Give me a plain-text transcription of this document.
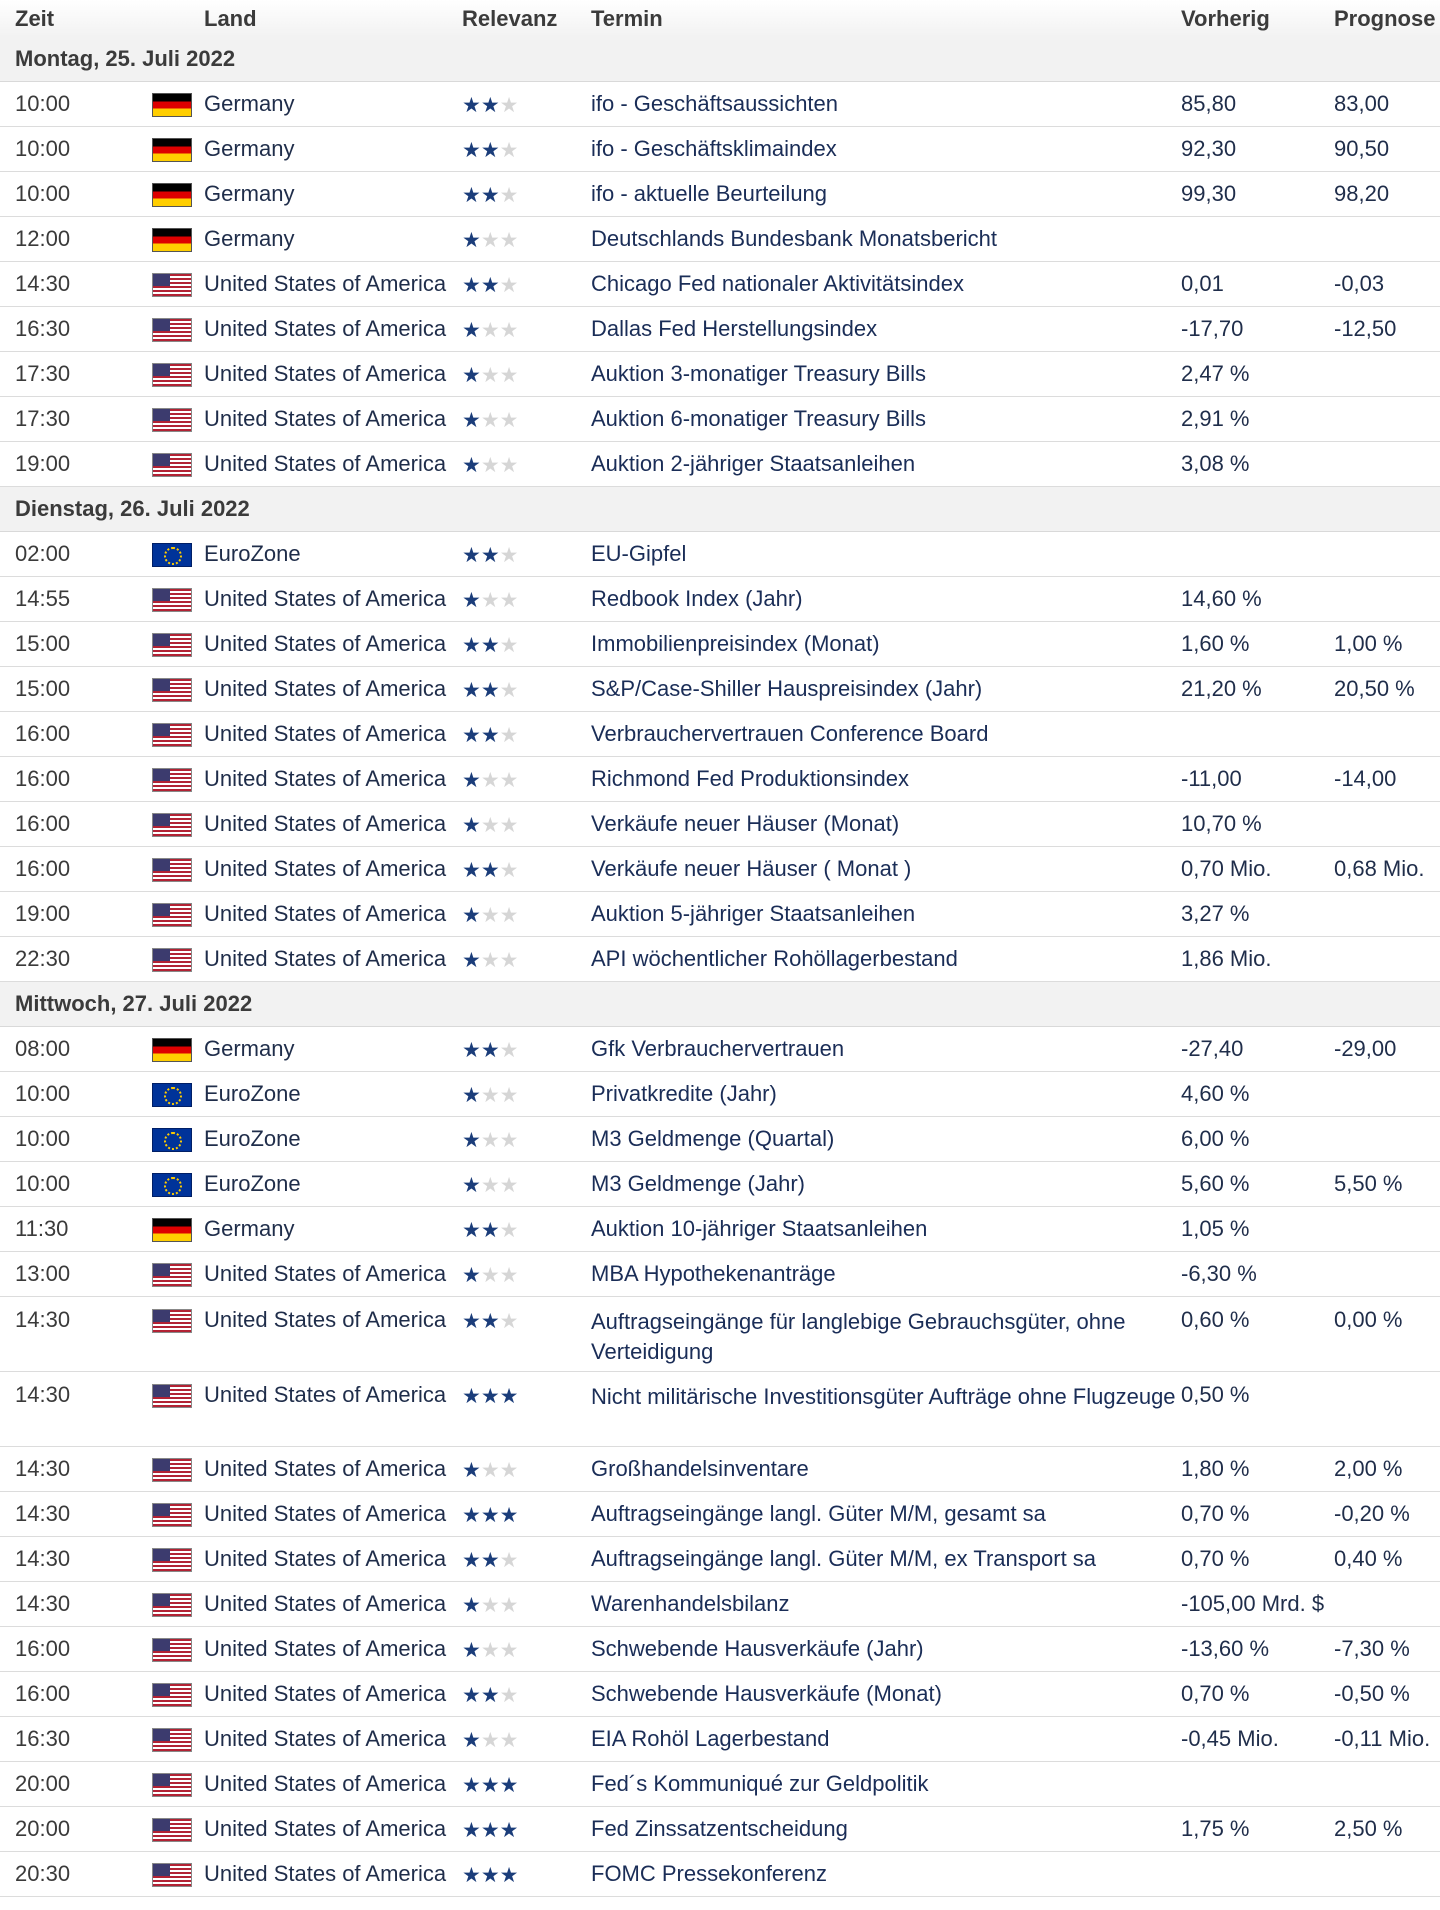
Zeit		Land	Relevanz	Termin	Vorherig	Prognose
Montag, 25. Juli 2022						
10:00		Germany	★★★	ifo - Geschäftsaussichten	85,80	83,00
10:00		Germany	★★★	ifo - Geschäftsklimaindex	92,30	90,50
10:00		Germany	★★★	ifo - aktuelle Beurteilung	99,30	98,20
12:00		Germany	★★★	Deutschlands Bundesbank Monatsbericht		
14:30		United States of America	★★★	Chicago Fed nationaler Aktivitätsindex	0,01	-0,03
16:30		United States of America	★★★	Dallas Fed Herstellungsindex	-17,70	-12,50
17:30		United States of America	★★★	Auktion 3-monatiger Treasury Bills	2,47 %	
17:30		United States of America	★★★	Auktion 6-monatiger Treasury Bills	2,91 %	
19:00		United States of America	★★★	Auktion 2-jähriger Staatsanleihen	3,08 %	
Dienstag, 26. Juli 2022						
02:00		EuroZone	★★★	EU-Gipfel		
14:55		United States of America	★★★	Redbook Index (Jahr)	14,60 %	
15:00		United States of America	★★★	Immobilienpreisindex (Monat)	1,60 %	1,00 %
15:00		United States of America	★★★	S&P/Case-Shiller Hauspreisindex (Jahr)	21,20 %	20,50 %
16:00		United States of America	★★★	Verbrauchervertrauen Conference Board		
16:00		United States of America	★★★	Richmond Fed Produktionsindex	-11,00	-14,00
16:00		United States of America	★★★	Verkäufe neuer Häuser (Monat)	10,70 %	
16:00		United States of America	★★★	Verkäufe neuer Häuser ( Monat )	0,70 Mio.	0,68 Mio.
19:00		United States of America	★★★	Auktion 5-jähriger Staatsanleihen	3,27 %	
22:30		United States of America	★★★	API wöchentlicher Rohöllagerbestand	1,86 Mio.	
Mittwoch, 27. Juli 2022						
08:00		Germany	★★★	Gfk Verbrauchervertrauen	-27,40	-29,00
10:00		EuroZone	★★★	Privatkredite (Jahr)	4,60 %	
10:00		EuroZone	★★★	M3 Geldmenge (Quartal)	6,00 %	
10:00		EuroZone	★★★	M3 Geldmenge (Jahr)	5,60 %	5,50 %
11:30		Germany	★★★	Auktion 10-jähriger Staatsanleihen	1,05 %	
13:00		United States of America	★★★	MBA Hypothekenanträge	-6,30 %	
14:30		United States of America	★★★	Auftragseingänge für langlebige Gebrauchsgüter, ohne Verteidigung	0,60 %	0,00 %
14:30		United States of America	★★★	Nicht militärische Investitionsgüter Aufträge ohne Flugzeuge	0,50 %	
14:30		United States of America	★★★	Großhandelsinventare	1,80 %	2,00 %
14:30		United States of America	★★★	Auftragseingänge langl. Güter M/M, gesamt sa	0,70 %	-0,20 %
14:30		United States of America	★★★	Auftragseingänge langl. Güter M/M, ex Transport sa	0,70 %	0,40 %
14:30		United States of America	★★★	Warenhandelsbilanz	-105,00 Mrd. $	
16:00		United States of America	★★★	Schwebende Hausverkäufe (Jahr)	-13,60 %	-7,30 %
16:00		United States of America	★★★	Schwebende Hausverkäufe (Monat)	0,70 %	-0,50 %
16:30		United States of America	★★★	EIA Rohöl Lagerbestand	-0,45 Mio.	-0,11 Mio.
20:00		United States of America	★★★	Fed´s Kommuniqué zur Geldpolitik		
20:00		United States of America	★★★	Fed Zinssatzentscheidung	1,75 %	2,50 %
20:30		United States of America	★★★	FOMC Pressekonferenz		
